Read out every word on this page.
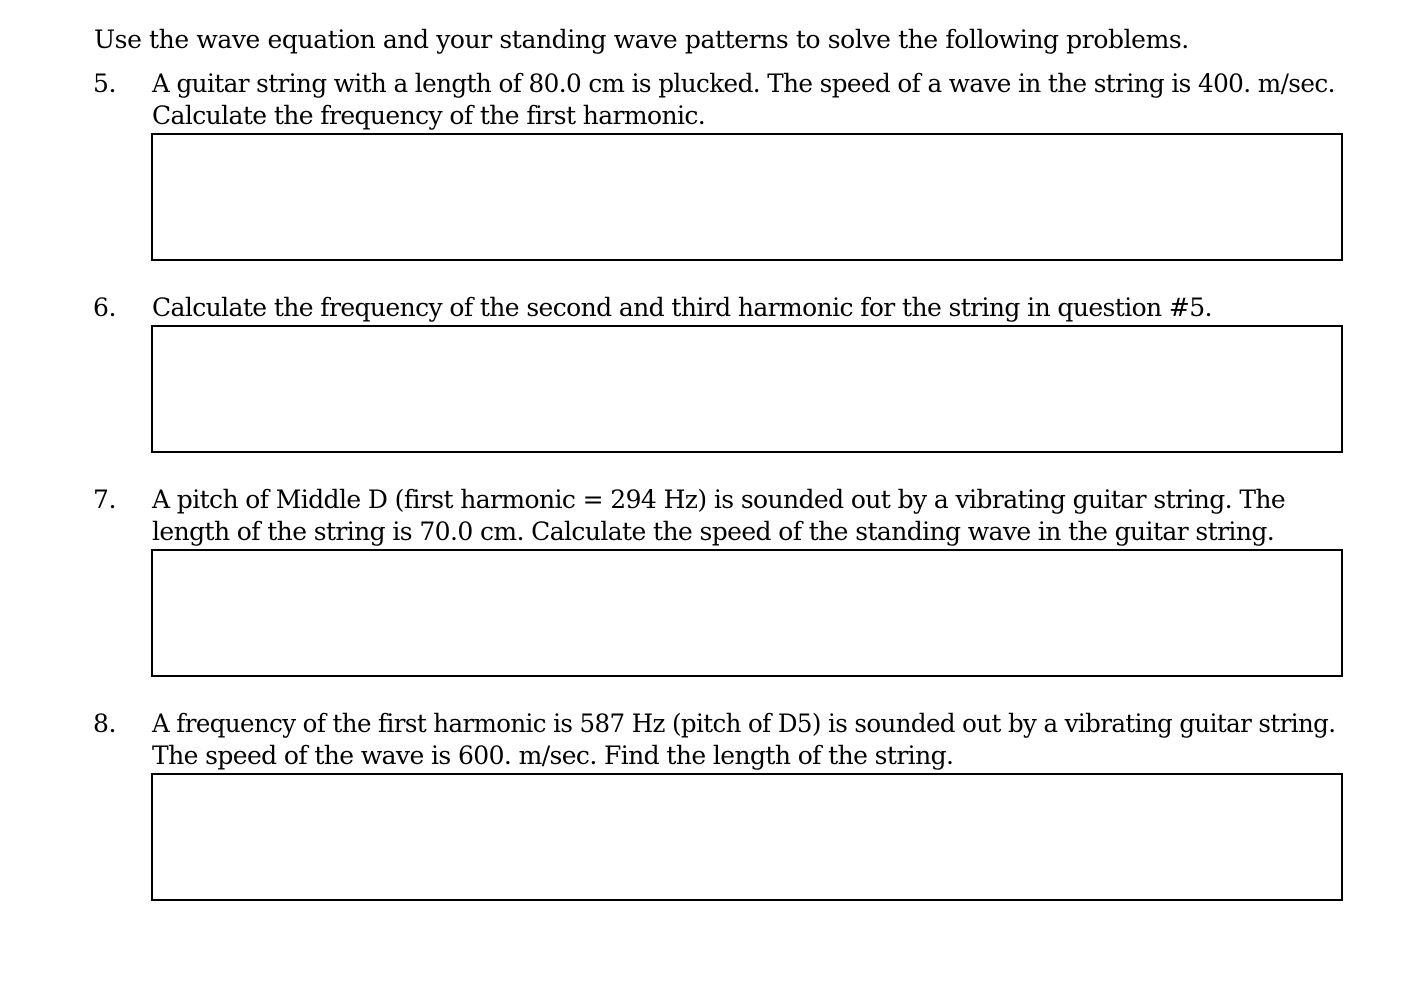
Use the wave equation and your standing wave patterns to solve the following problems.
5. A guitar string with a length of 80.0 cm is plucked. The speed of a wave in the string is 400. m/sec.
Calculate the frequency of the first harmonic.
6. Calculate the frequency of the second and third harmonic for the string in question #5.
7. A pitch of Middle D (first harmonic = 294 Hz) is sounded out by a vibrating guitar string. The
length of the string is 70.0 cm. Calculate the speed of the standing wave in the guitar string.
8. A frequency of the first harmonic is 587 Hz (pitch of D5) is sounded out by a vibrating guitar string.
The speed of the wave is 600. m/sec. Find the length of the string.
